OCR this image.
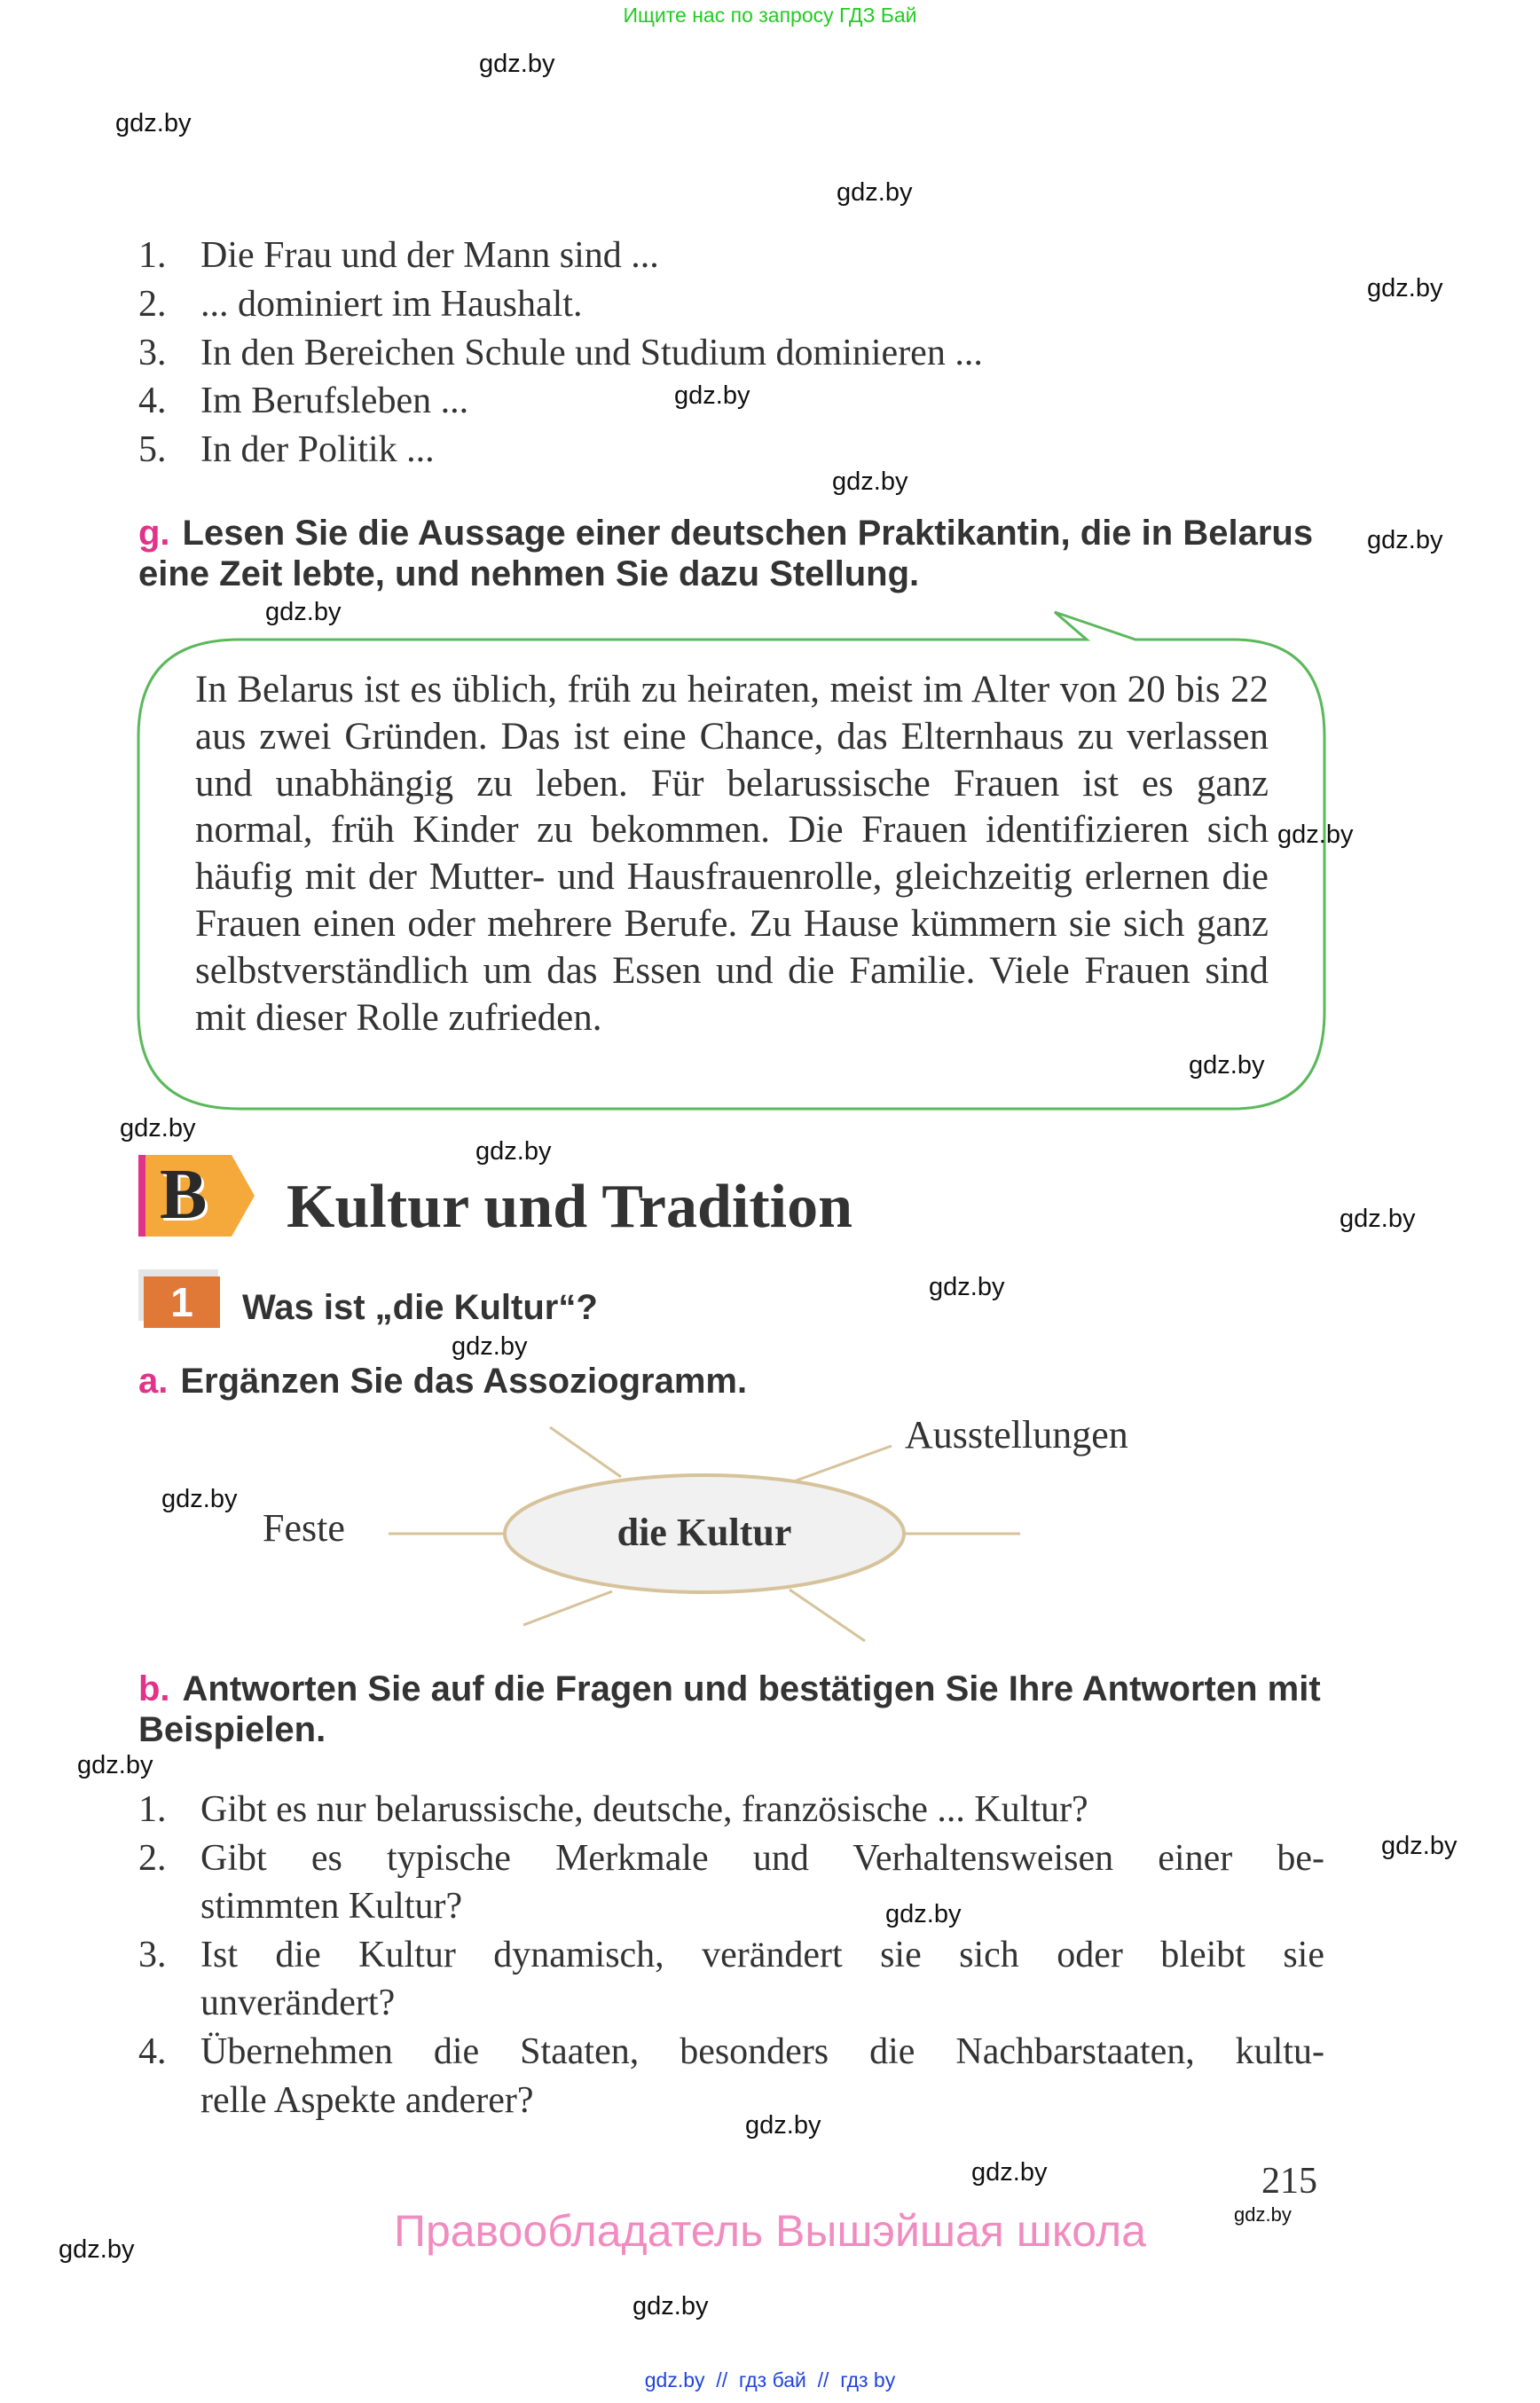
Ищите нас по запросу ГДЗ Бай
1. Die Frau und der Mann sind ...
2. ... dominiert im Haushalt.
3. In den Bereichen Schule und Studium dominieren ...
4. Im Berufsleben ...
5. In der Politik ...
g. Lesen Sie die Aussage einer deutschen Praktikantin, die in Belarus eine Zeit lebte, und nehmen Sie dazu Stellung.
In Belarus ist es üblich, früh zu heiraten, meist im Alter von 20 bis 22 aus zwei Gründen. Das ist eine Chance, das Elternhaus zu verlassen und unabhängig zu leben. Für belarussische Frauen ist es ganz normal, früh Kinder zu bekommen. Die Frauen identifizieren sich häufig mit der Mutter- und Hausfrauenrolle, gleichzeitig erlernen die Frauen einen oder mehrere Berufe. Zu Hause kümmern sie sich ganz selbstverständlich um das Essen und die Familie. Viele Frauen sind mit dieser Rolle zufrieden.
B Kultur und Tradition
1	Was ist „die Kultur“?
a. Ergänzen Sie das Assoziogramm.
die Kultur
Feste
Ausstellungen
b. Antworten Sie auf die Fragen und bestätigen Sie Ihre Antworten mit Beispielen.
1. Gibt es nur belarussische, deutsche, französische ... Kultur?
2. Gibt es typische Merkmale und Verhaltensweisen einer be-
stimmten Kultur?
3. Ist die Kultur dynamisch, verändert sie sich oder bleibt sie
unverändert?
4. Übernehmen die Staaten, besonders die Nachbarstaaten, kultu-
relle Aspekte anderer?
215
Правообладатель Вышэйшая школа
gdz.by  //  гдз бай  //  гдз by
gdz.by
gdz.by
gdz.by
gdz.by
gdz.by
gdz.by
gdz.by
gdz.by
gdz.by
gdz.by
gdz.by
gdz.by
gdz.by
gdz.by
gdz.by
gdz.by
gdz.by
gdz.by
gdz.by
gdz.by
gdz.by
gdz.by
gdz.by
gdz.by
